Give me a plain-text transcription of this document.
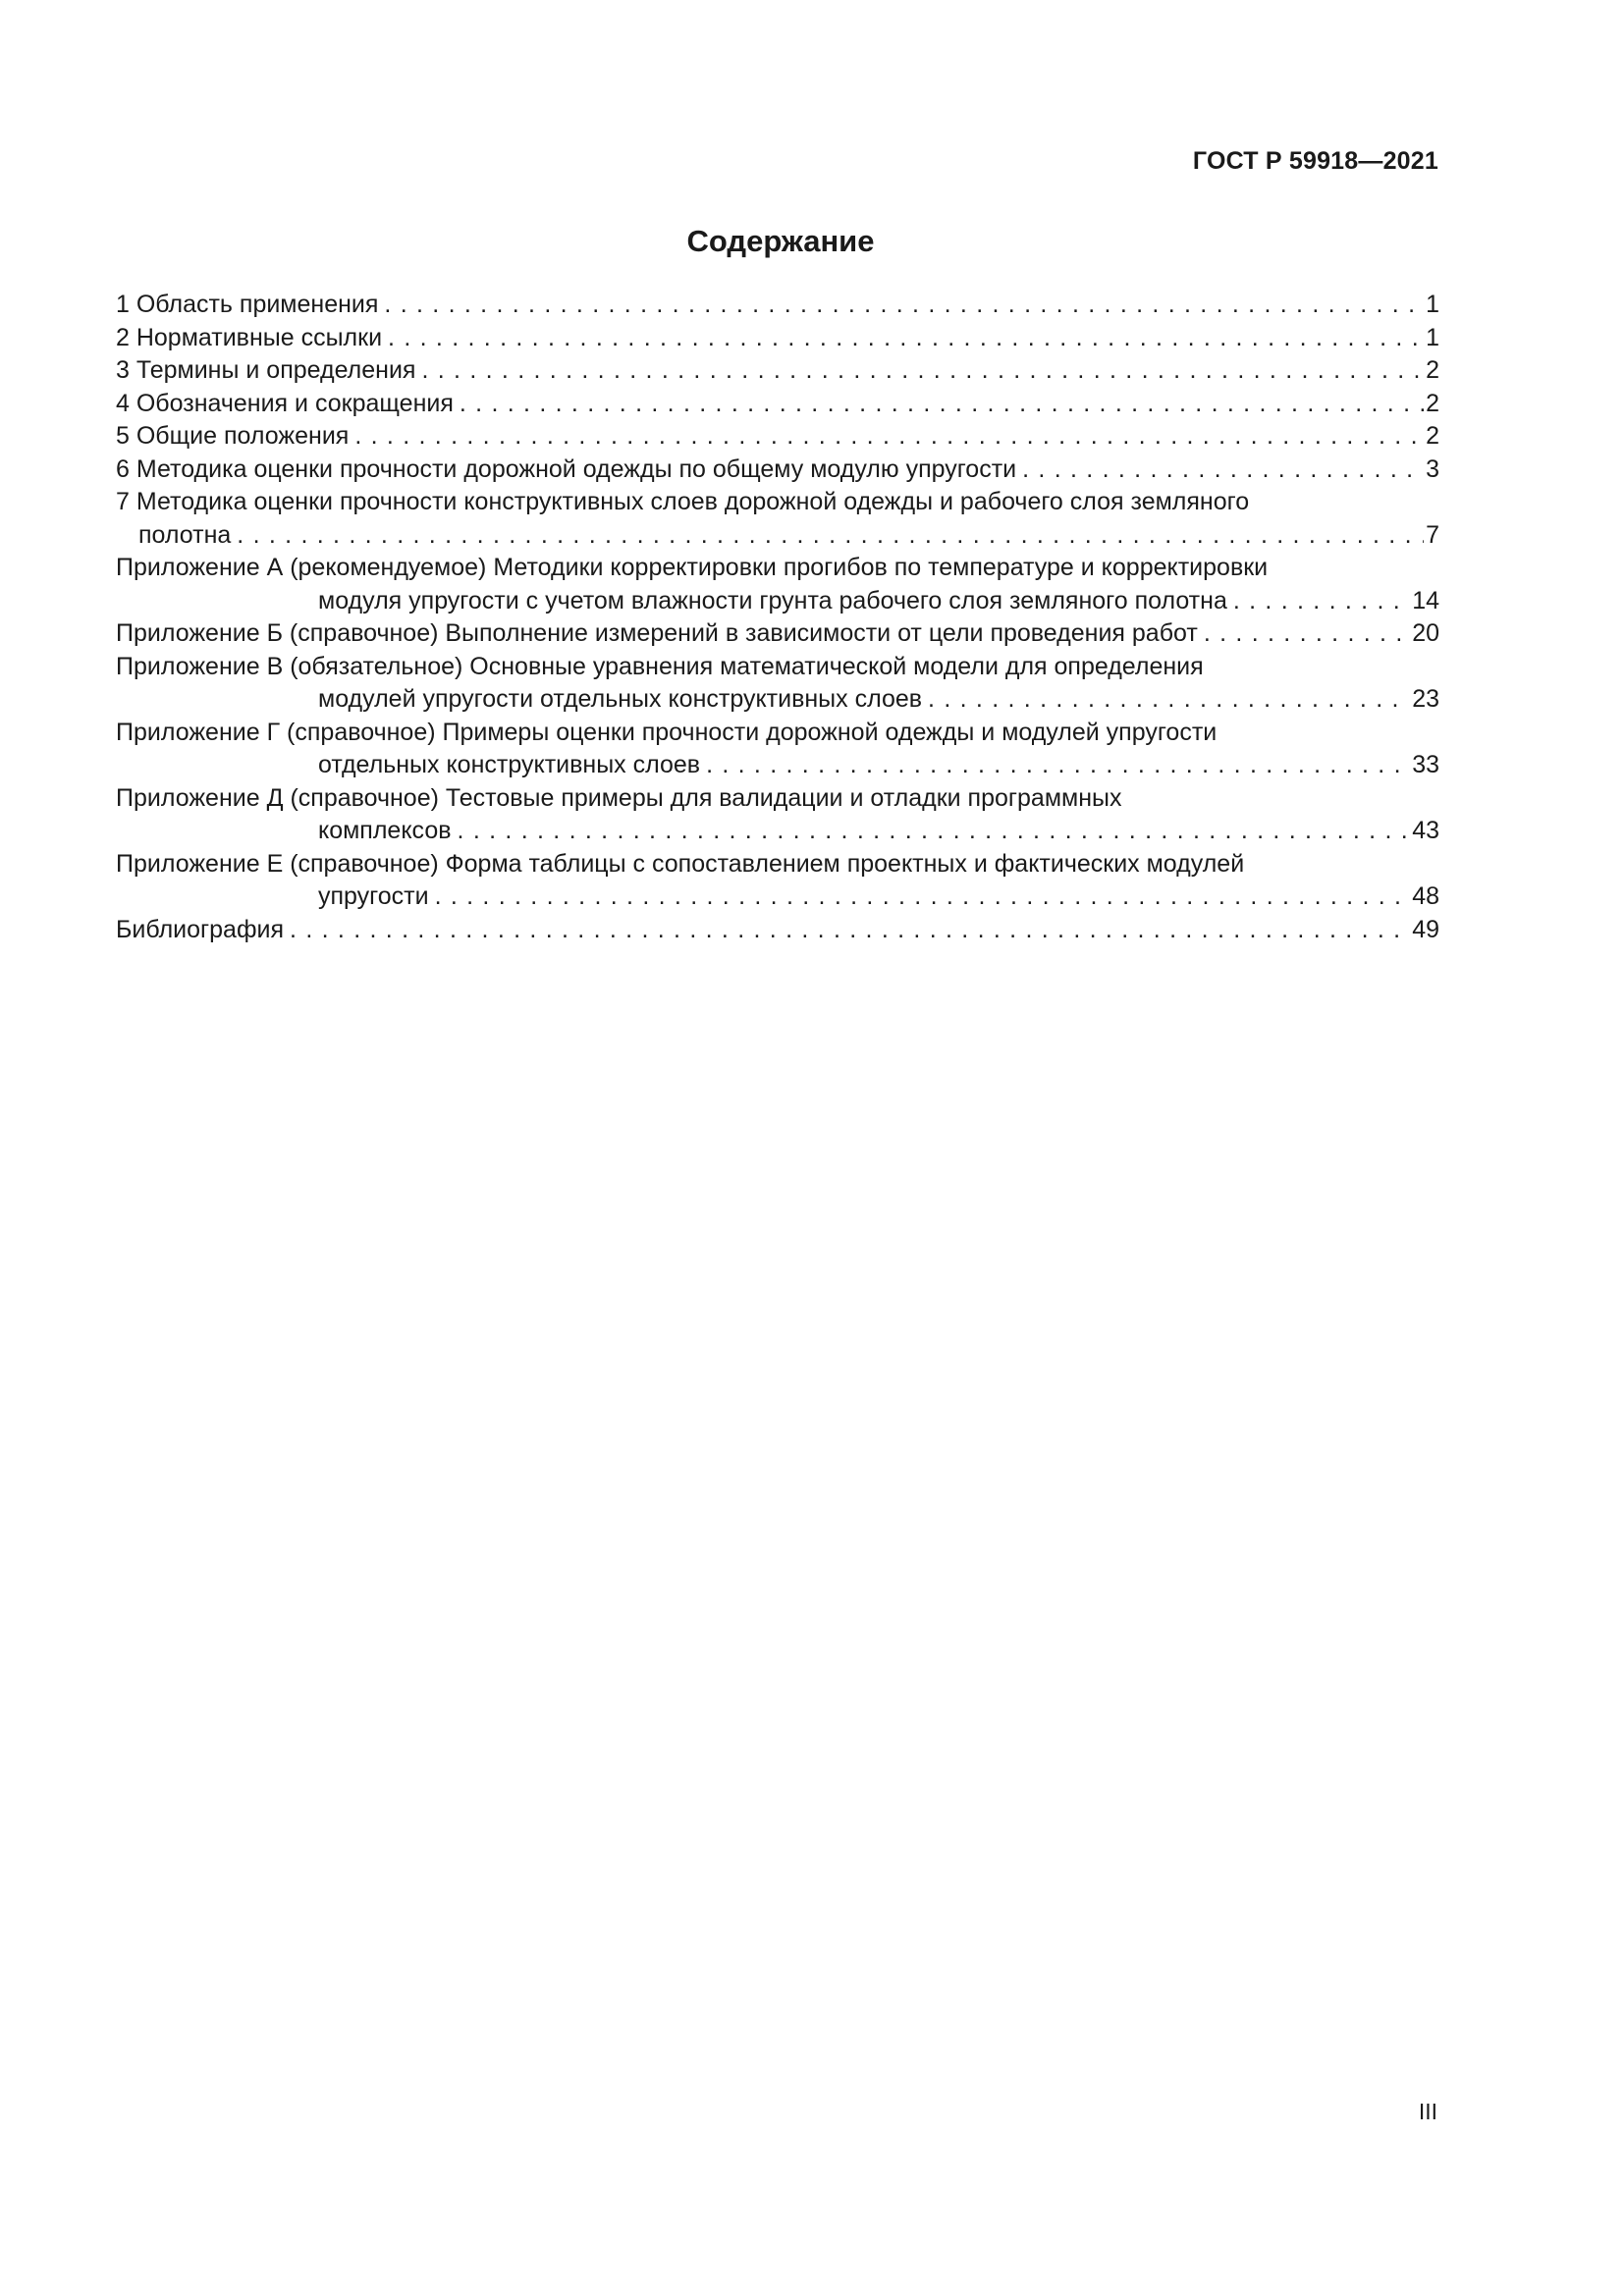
ГОСТ Р 59918—2021
Содержание
1 Область применения . . .	1
2 Нормативные ссылки . . .	1
3 Термины и определения . . .	2
4 Обозначения и сокращения . . .	2
5 Общие положения . . .	2
6 Методика оценки прочности дорожной одежды по общему модулю упругости . . .	3
7 Методика оценки прочности конструктивных слоев дорожной одежды и рабочего слоя земляного
полотна . . .	7
Приложение А (рекомендуемое) Методики корректировки прогибов по температуре и корректировки
модуля упругости с учетом влажности грунта рабочего слоя земляного полотна . . .	14
Приложение Б (справочное) Выполнение измерений в зависимости от цели проведения работ . . .	20
Приложение В (обязательное) Основные уравнения математической модели для определения
модулей упругости отдельных конструктивных слоев . . .	23
Приложение Г (справочное) Примеры оценки прочности дорожной одежды и модулей упругости
отдельных конструктивных слоев . . .	33
Приложение Д (справочное) Тестовые примеры для валидации и отладки программных
комплексов . . .	43
Приложение Е (справочное) Форма таблицы с сопоставлением проектных и фактических модулей
упругости . . .	48
Библиография . . .	49
III
